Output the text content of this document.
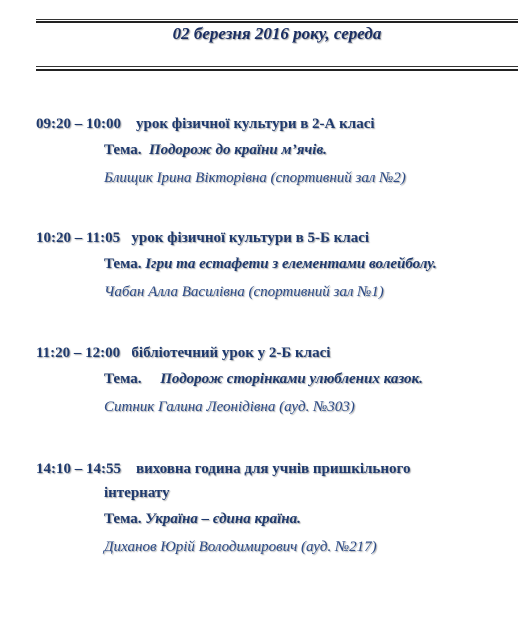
02 березня 2016 року, середа
09:20 – 10:00 урок фізичної культури в 2-А класі
Тема. Подорож до країни м’ячів.
Блищик Ірина Вікторівна (спортивний зал №2)
10:20 – 11:05 урок фізичної культури в 5-Б класі
Тема. Ігри та естафети з елементами волейболу.
Чабан Алла Василівна (спортивний зал №1)
11:20 – 12:00 бібліотечний урок у 2-Б класі
Тема. Подорож сторінками улюблених казок.
Ситник Галина Леонідівна (ауд. №303)
14:10 – 14:55 виховна година для учнів пришкільного
інтернату
Тема. Україна – єдина країна.
Диханов Юрій Володимирович (ауд. №217)
